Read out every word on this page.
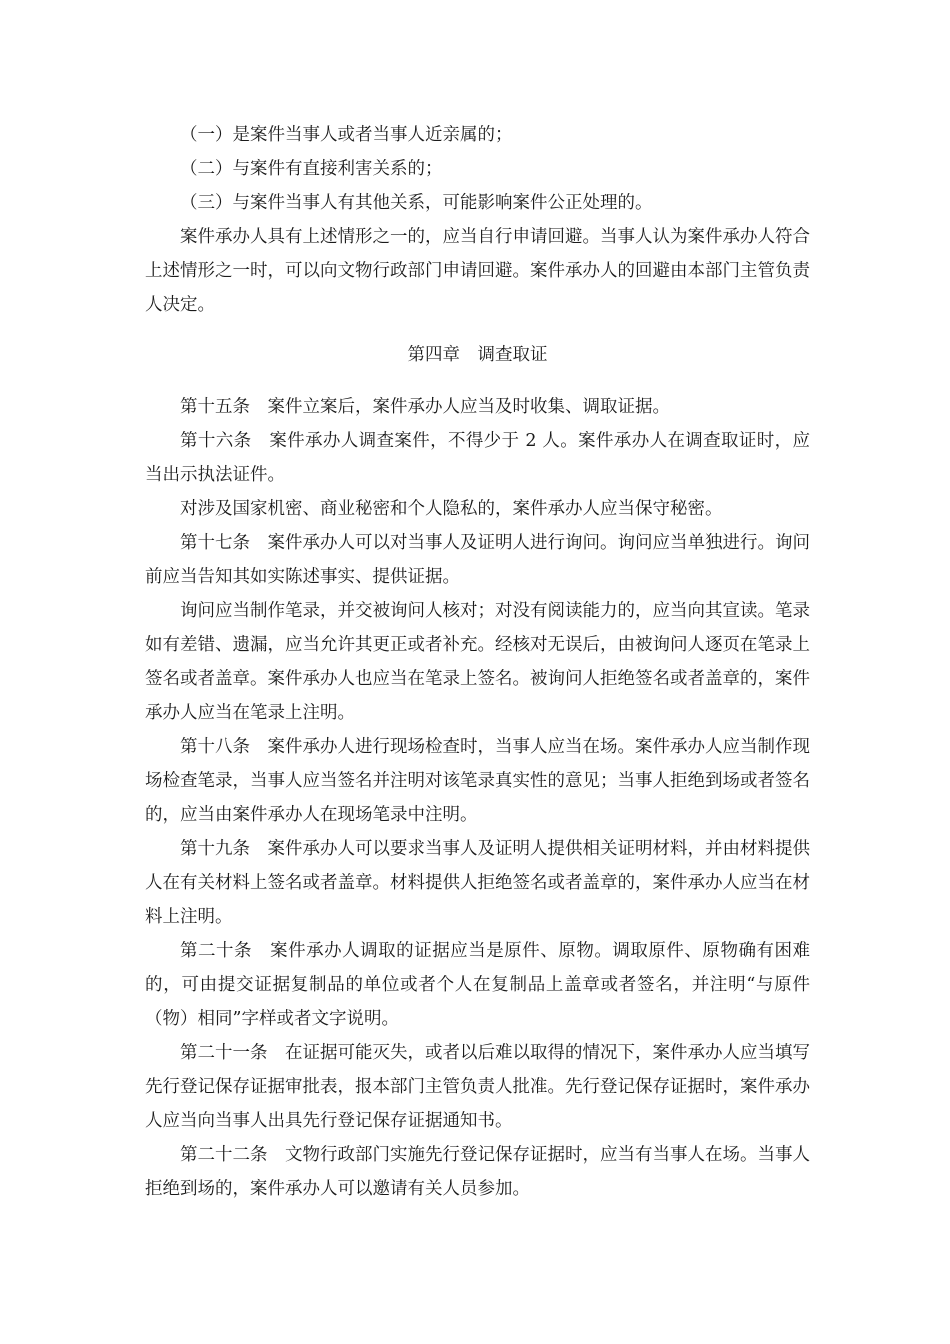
（一）是案件当事人或者当事人近亲属的；

（二）与案件有直接利害关系的；

（三）与案件当事人有其他关系，可能影响案件公正处理的。

案件承办人具有上述情形之一的，应当自行申请回避。当事人认为案件承办人符合上述情形之一时，可以向文物行政部门申请回避。案件承办人的回避由本部门主管负责人决定。

第四章　调查取证

第十五条　案件立案后，案件承办人应当及时收集、调取证据。

第十六条　案件承办人调查案件，不得少于 2 人。案件承办人在调查取证时，应当出示执法证件。

对涉及国家机密、商业秘密和个人隐私的，案件承办人应当保守秘密。

第十七条　案件承办人可以对当事人及证明人进行询问。询问应当单独进行。询问前应当告知其如实陈述事实、提供证据。

询问应当制作笔录，并交被询问人核对；对没有阅读能力的，应当向其宣读。笔录如有差错、遗漏，应当允许其更正或者补充。经核对无误后，由被询问人逐页在笔录上签名或者盖章。案件承办人也应当在笔录上签名。被询问人拒绝签名或者盖章的，案件承办人应当在笔录上注明。

第十八条　案件承办人进行现场检查时，当事人应当在场。案件承办人应当制作现场检查笔录，当事人应当签名并注明对该笔录真实性的意见；当事人拒绝到场或者签名的，应当由案件承办人在现场笔录中注明。

第十九条　案件承办人可以要求当事人及证明人提供相关证明材料，并由材料提供人在有关材料上签名或者盖章。材料提供人拒绝签名或者盖章的，案件承办人应当在材料上注明。

第二十条　案件承办人调取的证据应当是原件、原物。调取原件、原物确有困难的，可由提交证据复制品的单位或者个人在复制品上盖章或者签名，并注明“与原件（物）相同”字样或者文字说明。

第二十一条　在证据可能灭失，或者以后难以取得的情况下，案件承办人应当填写先行登记保存证据审批表，报本部门主管负责人批准。先行登记保存证据时，案件承办人应当向当事人出具先行登记保存证据通知书。

第二十二条　文物行政部门实施先行登记保存证据时，应当有当事人在场。当事人拒绝到场的，案件承办人可以邀请有关人员参加。
